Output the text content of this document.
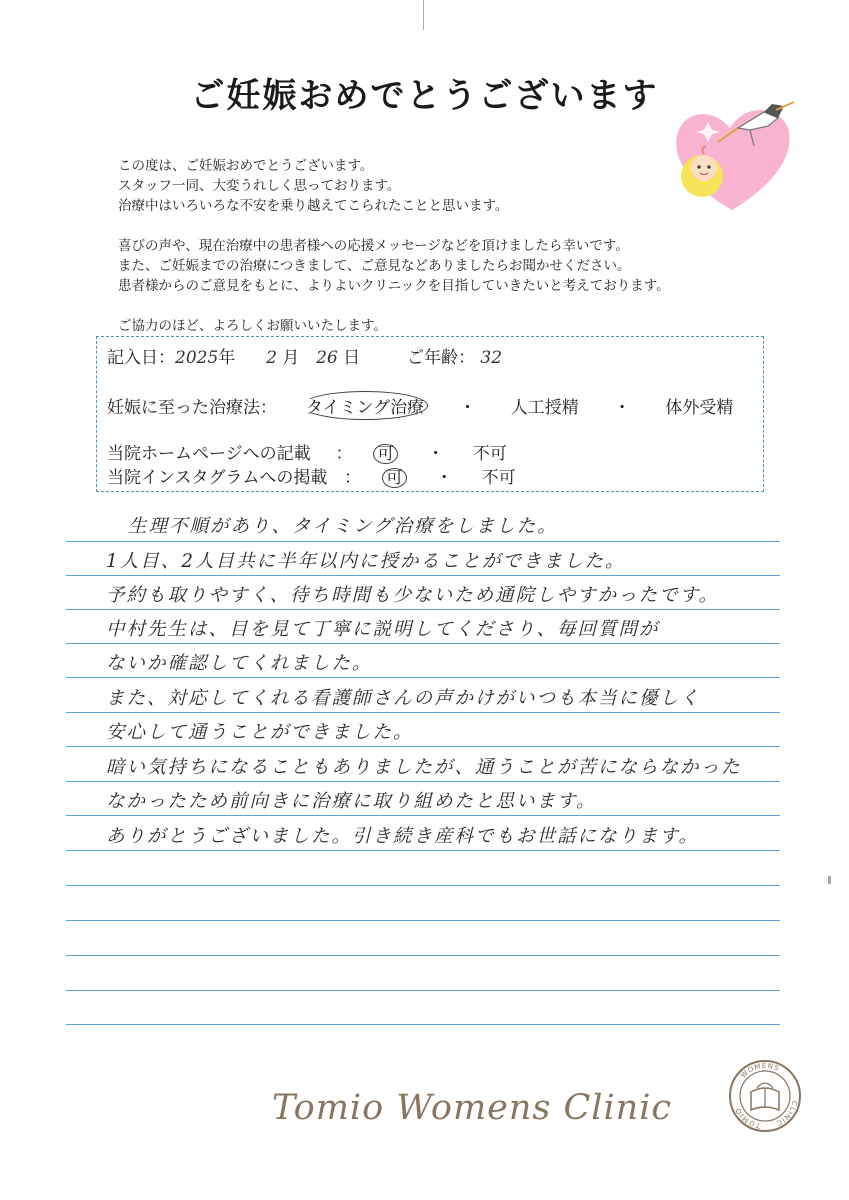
ご妊娠おめでとうございます

この度は、ご妊娠おめでとうございます。

スタッフ一同、大変うれしく思っております。

治療中はいろいろな不安を乗り越えてこられたことと思います。

喜びの声や、現在治療中の患者様への応援メッセージなどを頂けましたら幸いです。

また、ご妊娠までの治療につきまして、ご意見などありましたらお聞かせください。

患者様からのご意見をもとに、よりよいクリニックを目指していきたいと考えております。

ご協力のほど、よろしくお願いいたします。

記入日：2025年 2 月 26 日	ご年齢： 32
妊娠に至った治療法： タイミング治療 ・ 人工授精 ・ 体外受精
当院ホームページへの記載 ： 可 ・ 不可
当院インスタグラムへの掲載 ： 可 ・ 不可
生理不順があり、タイミング治療をしました。
1人目、2人目共に半年以内に授かることができました。
予約も取りやすく、待ち時間も少ないため通院しやすかったです。
中村先生は、目を見て丁寧に説明してくださり、毎回質問が
ないか確認してくれました。
また、対応してくれる看護師さんの声かけがいつも本当に優しく
安心して通うことができました。
暗い気持ちになることもありましたが、通うことが苦にならなかった
なかったため前向きに治療に取り組めたと思います。
ありがとうございました。引き続き産科でもお世話になります。
Tomio Womens Clinic
WOMENS
CLINIC
TOMIO
